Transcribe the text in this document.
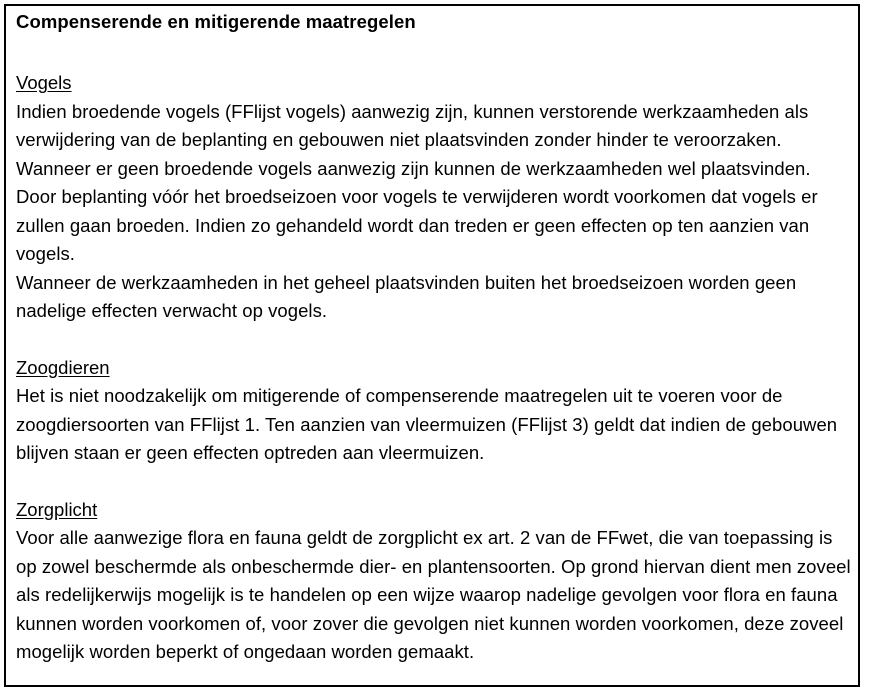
Compenserende en mitigerende maatregelen

Vogels

Indien broedende vogels (FFlijst vogels) aanwezig zijn, kunnen verstorende werkzaamheden als verwijdering van de beplanting en gebouwen niet plaatsvinden zonder hinder te veroorzaken. Wanneer er geen broedende vogels aanwezig zijn kunnen de werkzaamheden wel plaatsvinden. Door beplanting vóór het broedseizoen voor vogels te verwijderen wordt voorkomen dat vogels er zullen gaan broeden. Indien zo gehandeld wordt dan treden er geen effecten op ten aanzien van vogels.

Wanneer de werkzaamheden in het geheel plaatsvinden buiten het broedseizoen worden geen nadelige effecten verwacht op vogels.

Zoogdieren

Het is niet noodzakelijk om mitigerende of compenserende maatregelen uit te voeren voor de zoogdiersoorten van FFlijst 1. Ten aanzien van vleermuizen (FFlijst 3) geldt dat indien de gebouwen blijven staan er geen effecten optreden aan vleermuizen.

Zorgplicht

Voor alle aanwezige flora en fauna geldt de zorgplicht ex art. 2 van de FFwet, die van toepassing is op zowel beschermde als onbeschermde dier- en plantensoorten. Op grond hiervan dient men zoveel als redelijkerwijs mogelijk is te handelen op een wijze waarop nadelige gevolgen voor flora en fauna kunnen worden voorkomen of, voor zover die gevolgen niet kunnen worden voorkomen, deze zoveel mogelijk worden beperkt of ongedaan worden gemaakt.
